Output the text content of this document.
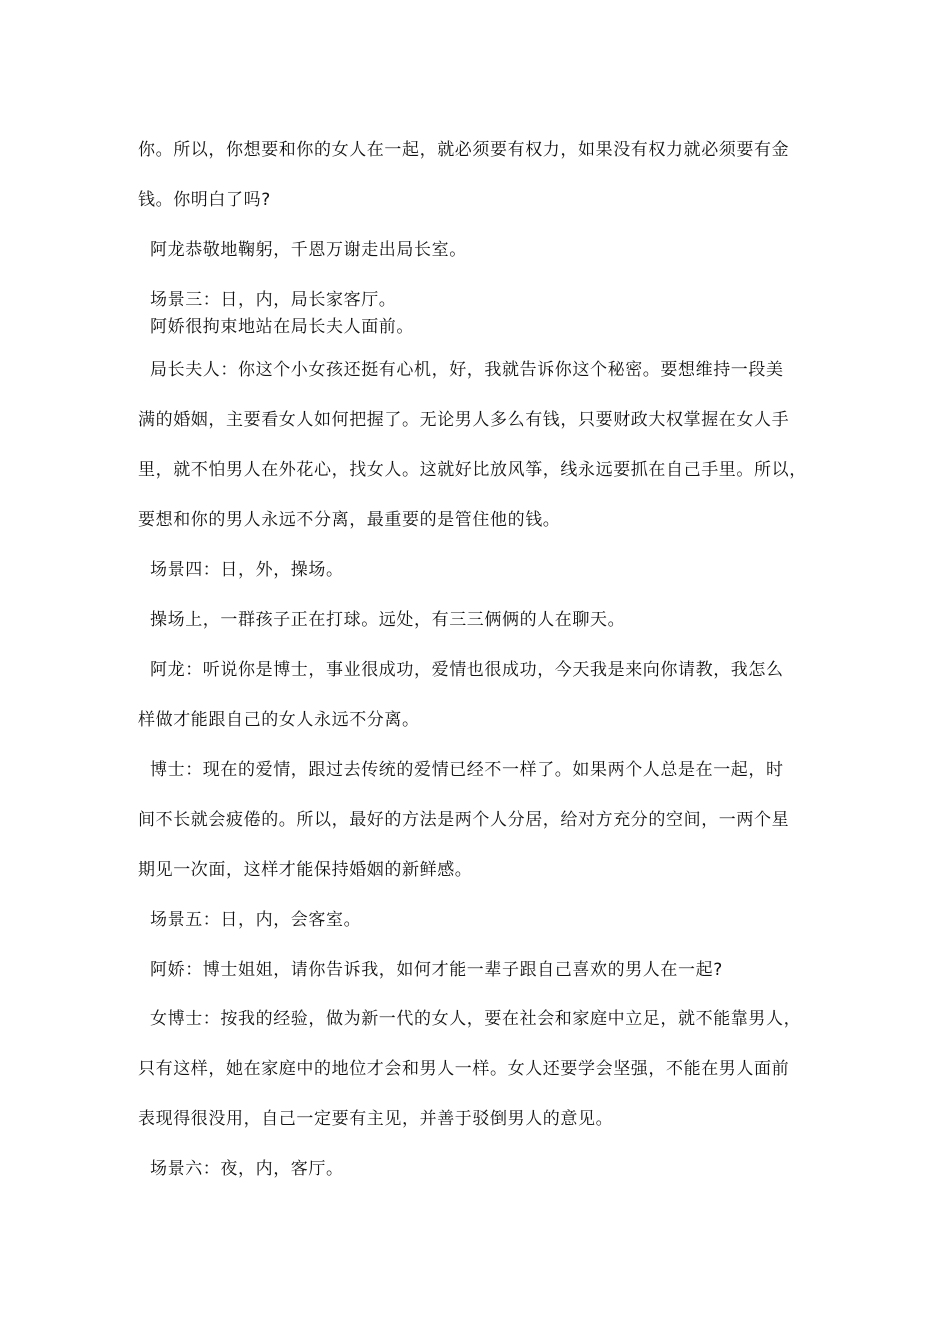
你。所以，你想要和你的女人在一起，就必须要有权力，如果没有权力就必须要有金
钱。你明白了吗?
阿龙恭敬地鞠躬，千恩万谢走出局长室。
场景三：日，内，局长家客厅。
阿娇很拘束地站在局长夫人面前。
局长夫人：你这个小女孩还挺有心机，好，我就告诉你这个秘密。要想维持一段美
满的婚姻，主要看女人如何把握了。无论男人多么有钱，只要财政大权掌握在女人手
里，就不怕男人在外花心，找女人。这就好比放风筝，线永远要抓在自己手里。所以，
要想和你的男人永远不分离，最重要的是管住他的钱。
场景四：日，外，操场。
操场上，一群孩子正在打球。远处，有三三俩俩的人在聊天。
阿龙：听说你是博士，事业很成功，爱情也很成功，今天我是来向你请教，我怎么
样做才能跟自己的女人永远不分离。
博士：现在的爱情，跟过去传统的爱情已经不一样了。如果两个人总是在一起，时
间不长就会疲倦的。所以，最好的方法是两个人分居，给对方充分的空间，一两个星
期见一次面，这样才能保持婚姻的新鲜感。
场景五：日，内，会客室。
阿娇：博士姐姐，请你告诉我，如何才能一辈子跟自己喜欢的男人在一起?
女博士：按我的经验，做为新一代的女人，要在社会和家庭中立足，就不能靠男人，
只有这样，她在家庭中的地位才会和男人一样。女人还要学会坚强，不能在男人面前
表现得很没用，自己一定要有主见，并善于驳倒男人的意见。
场景六：夜，内，客厅。
